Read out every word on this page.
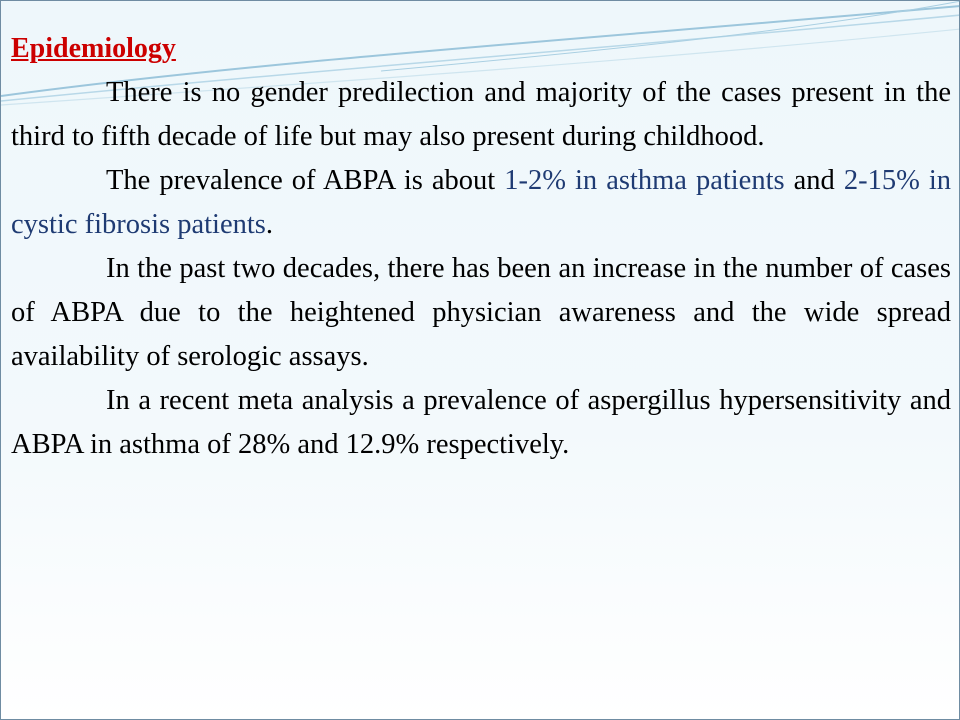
Epidemiology

There is no gender predilection and majority of the cases present in the third to fifth decade of life but may also present during childhood.

The prevalence of ABPA is about 1-2% in asthma patients and 2-15% in cystic fibrosis patients.

In the past two decades, there has been an increase in the number of cases of ABPA due to the heightened physician awareness and the wide spread availability of serologic assays.

In a recent meta analysis a prevalence of aspergillus hypersensitivity and ABPA in asthma of 28% and 12.9% respectively.
